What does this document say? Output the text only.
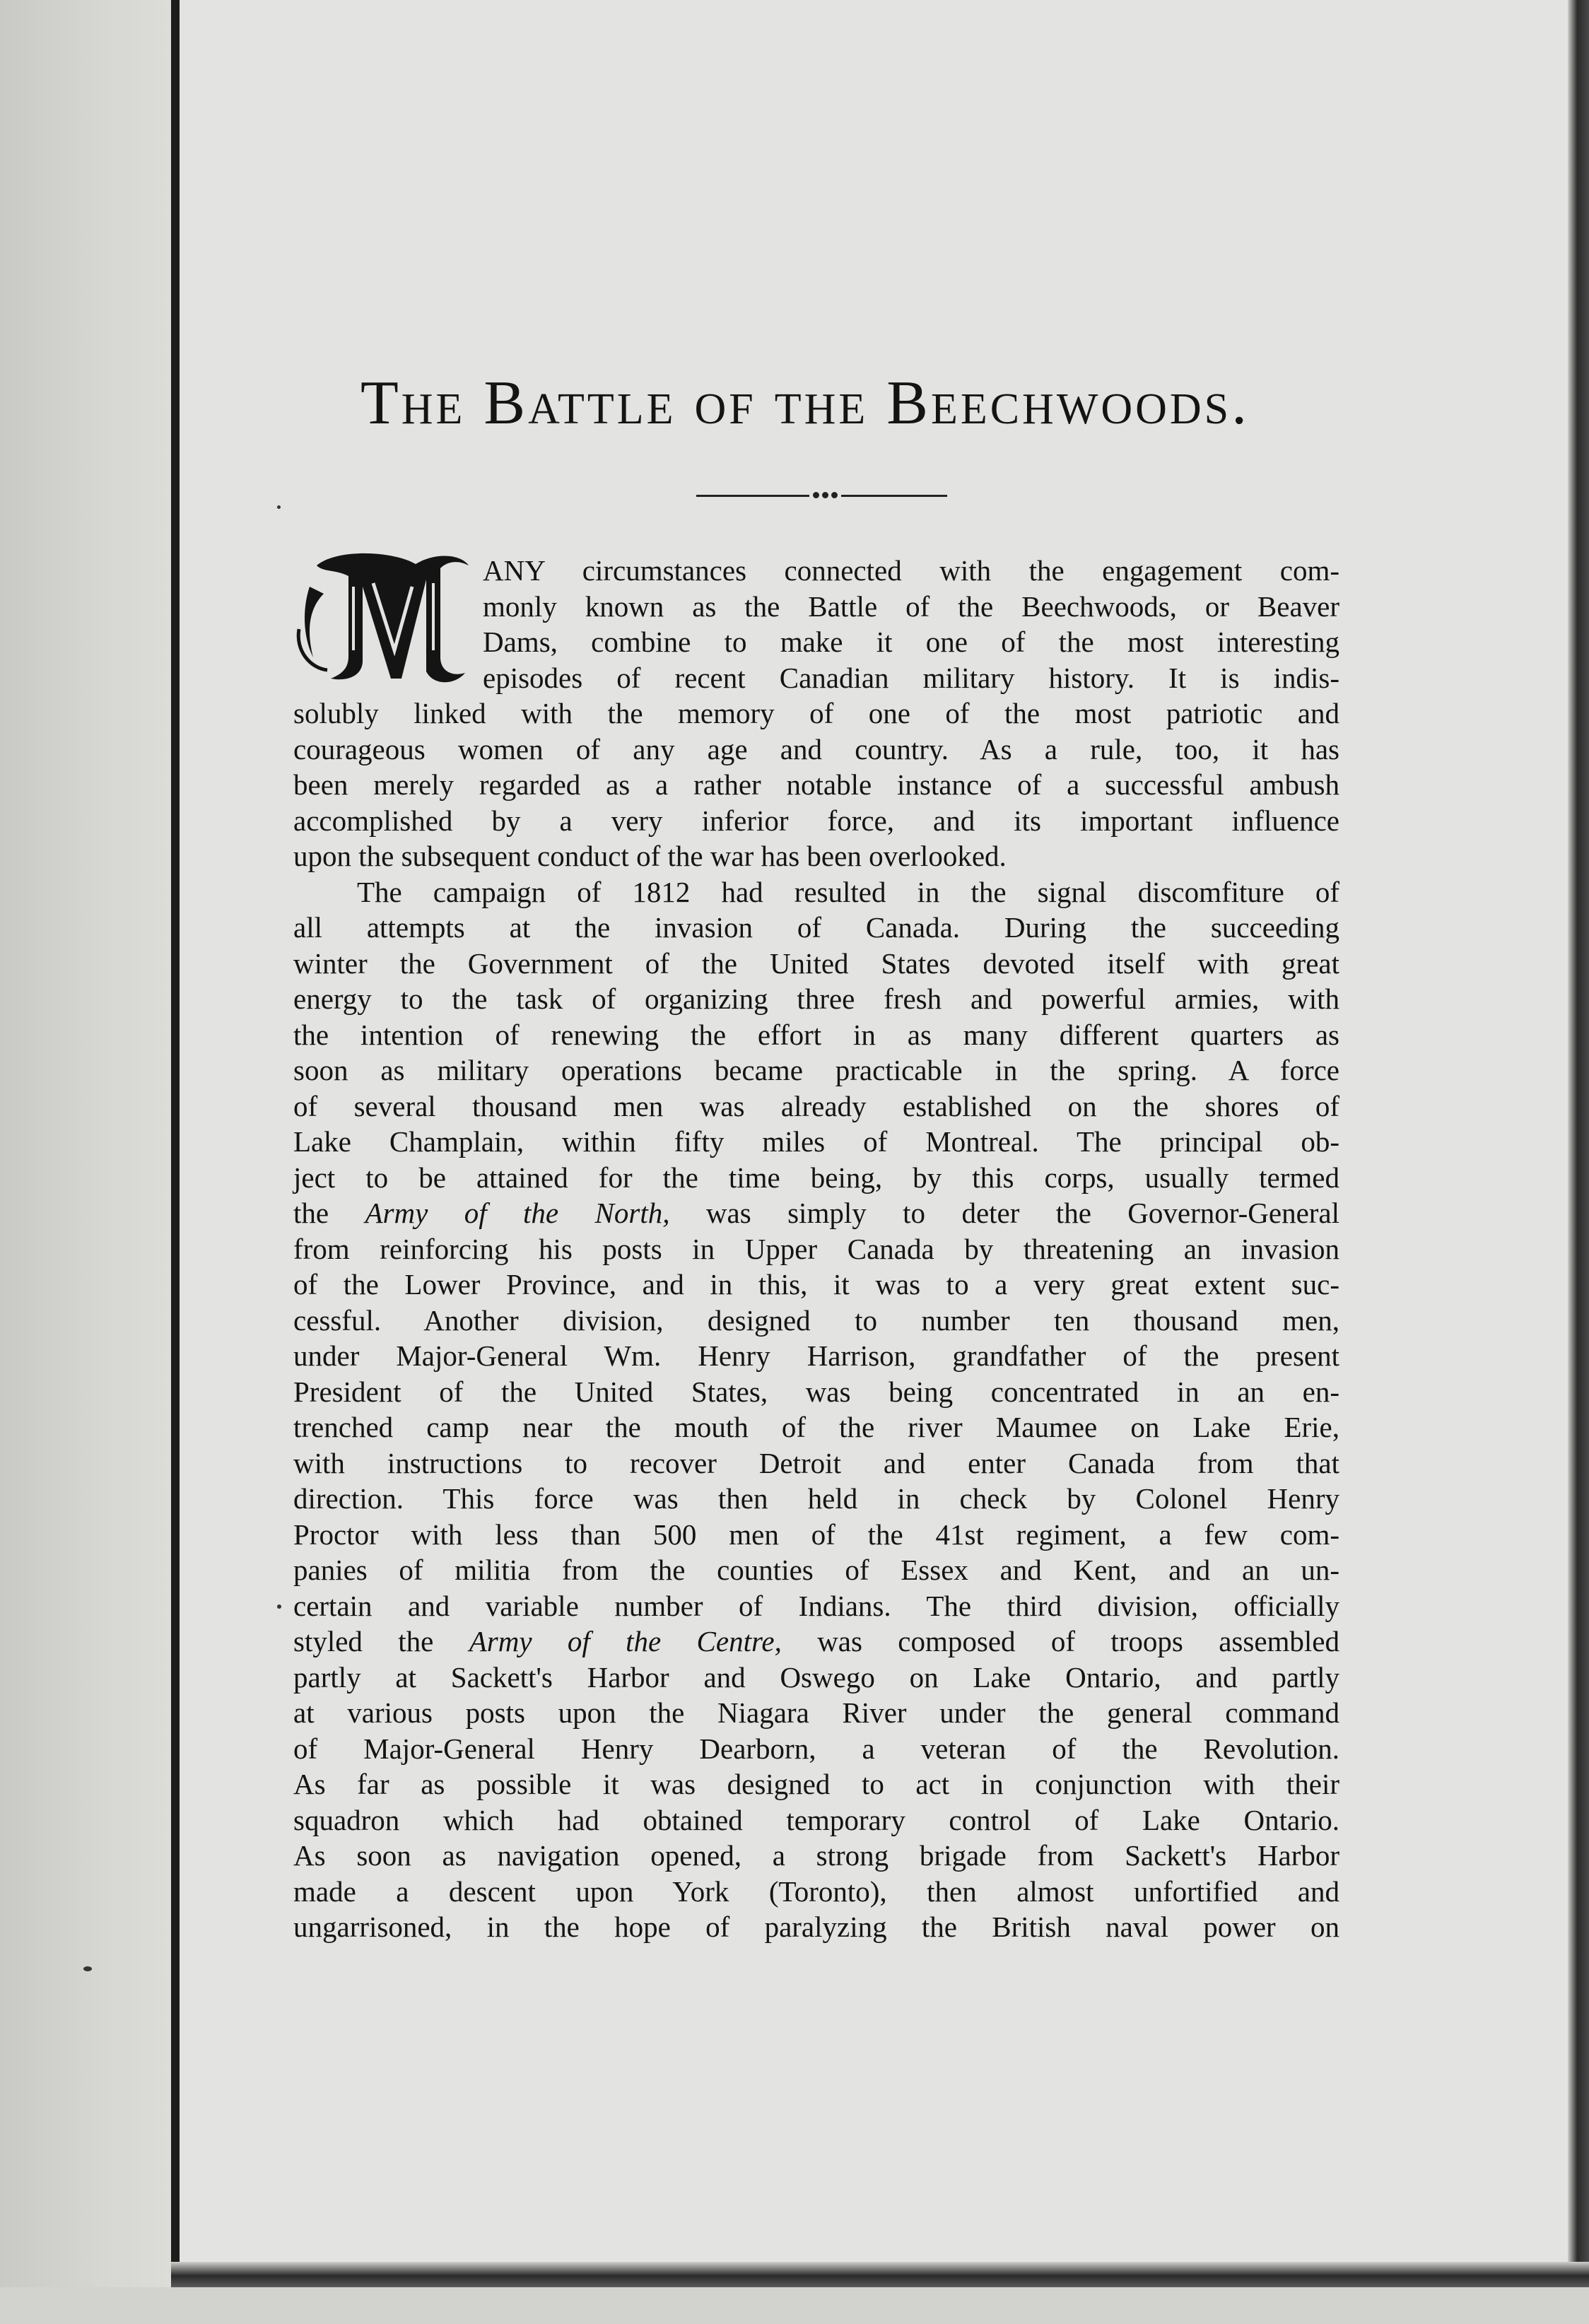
The Battle of the Beechwoods.
ANY circumstances connected with the engagement com-
monly known as the Battle of the Beechwoods, or Beaver
Dams, combine to make it one of the most interesting
episodes of recent Canadian military history. It is indis-
solubly linked with the memory of one of the most patriotic and
courageous women of any age and country. As a rule, too, it has
been merely regarded as a rather notable instance of a successful ambush
accomplished by a very inferior force, and its important influence
upon the subsequent conduct of the war has been overlooked.
The campaign of 1812 had resulted in the signal discomfiture of
all attempts at the invasion of Canada. During the succeeding
winter the Government of the United States devoted itself with great
energy to the task of organizing three fresh and powerful armies, with
the intention of renewing the effort in as many different quarters as
soon as military operations became practicable in the spring. A force
of several thousand men was already established on the shores of
Lake Champlain, within fifty miles of Montreal. The principal ob-
ject to be attained for the time being, by this corps, usually termed
the Army of the North, was simply to deter the Governor-General
from reinforcing his posts in Upper Canada by threatening an invasion
of the Lower Province, and in this, it was to a very great extent suc-
cessful. Another division, designed to number ten thousand men,
under Major-General Wm. Henry Harrison, grandfather of the present
President of the United States, was being concentrated in an en-
trenched camp near the mouth of the river Maumee on Lake Erie,
with instructions to recover Detroit and enter Canada from that
direction. This force was then held in check by Colonel Henry
Proctor with less than 500 men of the 41st regiment, a few com-
panies of militia from the counties of Essex and Kent, and an un-
certain and variable number of Indians. The third division, officially
styled the Army of the Centre, was composed of troops assembled
partly at Sackett's Harbor and Oswego on Lake Ontario, and partly
at various posts upon the Niagara River under the general command
of Major-General Henry Dearborn, a veteran of the Revolution.
As far as possible it was designed to act in conjunction with their
squadron which had obtained temporary control of Lake Ontario.
As soon as navigation opened, a strong brigade from Sackett's Harbor
made a descent upon York (Toronto), then almost unfortified and
ungarrisoned, in the hope of paralyzing the British naval power on
